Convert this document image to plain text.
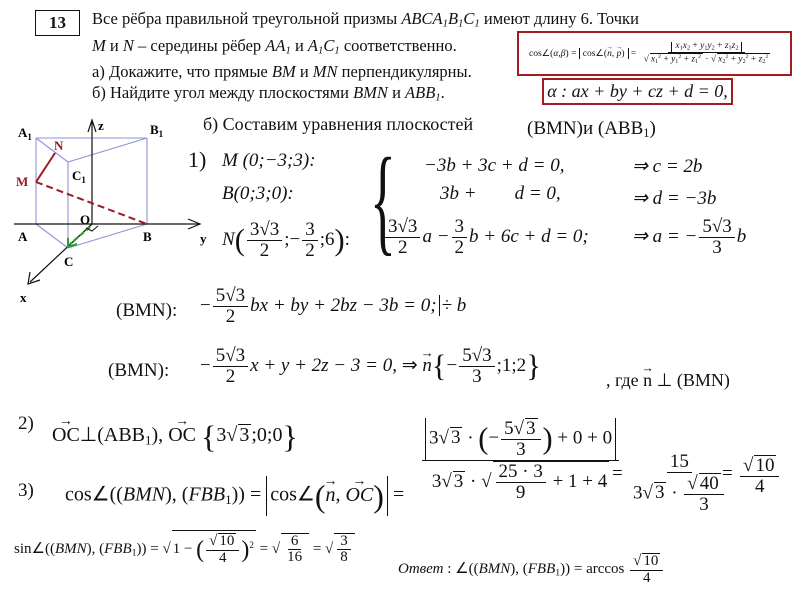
13 Все рёбра правильной треугольной призмы $ABCA_1B_1C_1$ имеют длину 6. Точки
M и N – середины рёбер $AA_1$ и $A_1C_1$ соответственно.
а) Докажите, что прямые BM и MN перпендикулярны.
б) Найдите угол между плоскостями BMN и $ABB_1$.
cos∠(α,β) = cos∠(→ n, → $p) = \frac{x_1x_2 + y_1y_2 + z_1z_2}{√ x_1^2 + y_1^2 + z_1^2 \cdot √ x_2^2 + y_2^2 + z_2^2}$
α : ax + by + cz + d = 0,
$A_1$	$B_1$
$C_1$
N
M
A	B
C
O
z
y
x
б) Составим уравнения плоскостей	(BMN)и $(ABB_1)$
1) M (0;−3;3):
B(0;3;0):
$N( \frac{3√3}{2}$ ;− $\frac{3}{2}$ ;6): { −3b + 3c + d = 0,
3b +        d = 0,
$\frac{3√3}{2}$ $a - \frac{3}{2}$ b + 6c + d = 0;
⇒ c = 2b
⇒ d = −3b
⇒ a = − $\frac{5√3}{3}$ b
(BMN): − $\frac{5√3}{2}$ bx + by + 2bz − 3b = 0; ÷ b
(BMN): − $\frac{5√3}{2}$ x + y + 2z − 3 = 0, ⇒ → $n\{- \frac{5√3}{3}$ ;1;2}	, где → n ⊥ (BMN)
2)
→ $OC\perp(ABB_1)$, → OC {3√ 3 ;0;0}
3) cos∠((BMN), $(FBB_1)$) = cos∠(→ n, → $OC) = \frac{3√ 3 \cdot (- \frac{5√ 3}{3} ) + 0 + 0}{3√ 3 \cdot √ \frac{25 \cdot 3}{9} + 1 + 4}$
= $\frac{15}{3√ 3 \cdot \frac{√ 40}{3}}$
= $\frac{√ 10}{4}$
sin∠((BMN), $(FBB_1)$) = √ 1 − ( $\frac{√ 10}{4} )^2$ = √ $\frac{6}{16}$ = √ $\frac{3}{8}$
Ответ : ∠((BMN), $(FBB_1)) = \arccos \frac{√ 10}{4}$
